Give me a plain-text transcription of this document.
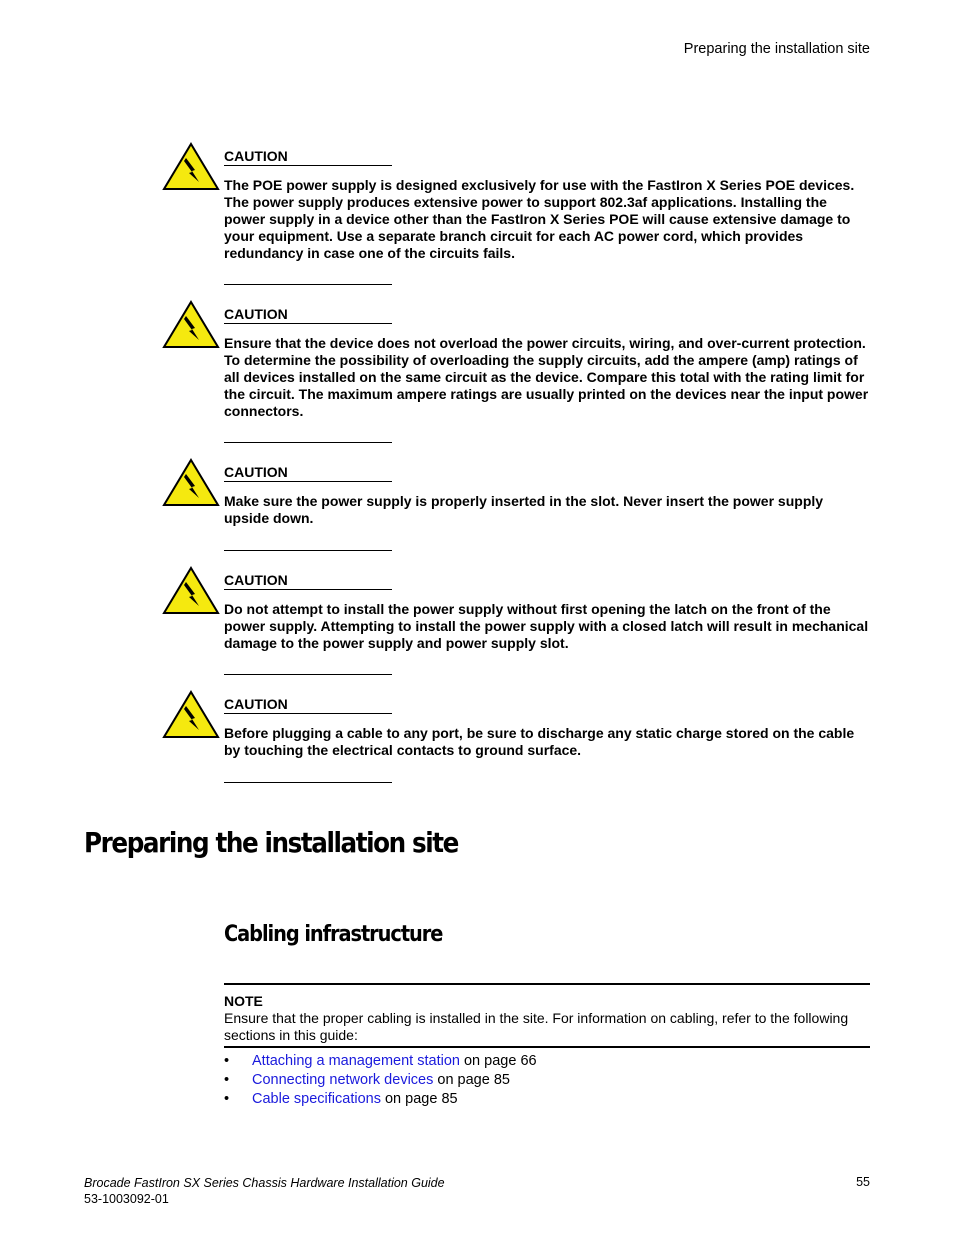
Preparing the installation site
CAUTION
The POE power supply is designed exclusively for use with the FastIron X Series POE devices. The power supply produces extensive power to support 802.3af applications. Installing the power supply in a device other than the FastIron X Series POE will cause extensive damage to your equipment. Use a separate branch circuit for each AC power cord, which provides redundancy in case one of the circuits fails.
CAUTION
Ensure that the device does not overload the power circuits, wiring, and over-current protection. To determine the possibility of overloading the supply circuits, add the ampere (amp) ratings of all devices installed on the same circuit as the device. Compare this total with the rating limit for the circuit. The maximum ampere ratings are usually printed on the devices near the input power connectors.
CAUTION
Make sure the power supply is properly inserted in the slot. Never insert the power supply upside down.
CAUTION
Do not attempt to install the power supply without first opening the latch on the front of the power supply. Attempting to install the power supply with a closed latch will result in mechanical damage to the power supply and power supply slot.
CAUTION
Before plugging a cable to any port, be sure to discharge any static charge stored on the cable by touching the electrical contacts to ground surface.
Preparing the installation site
Cabling infrastructure
NOTE
Ensure that the proper cabling is installed in the site. For information on cabling, refer to the following sections in this guide:
• Attaching a management station on page 66
• Connecting network devices on page 85
• Cable specifications on page 85
Brocade FastIron SX Series Chassis Hardware Installation Guide
53-1003092-01
55
